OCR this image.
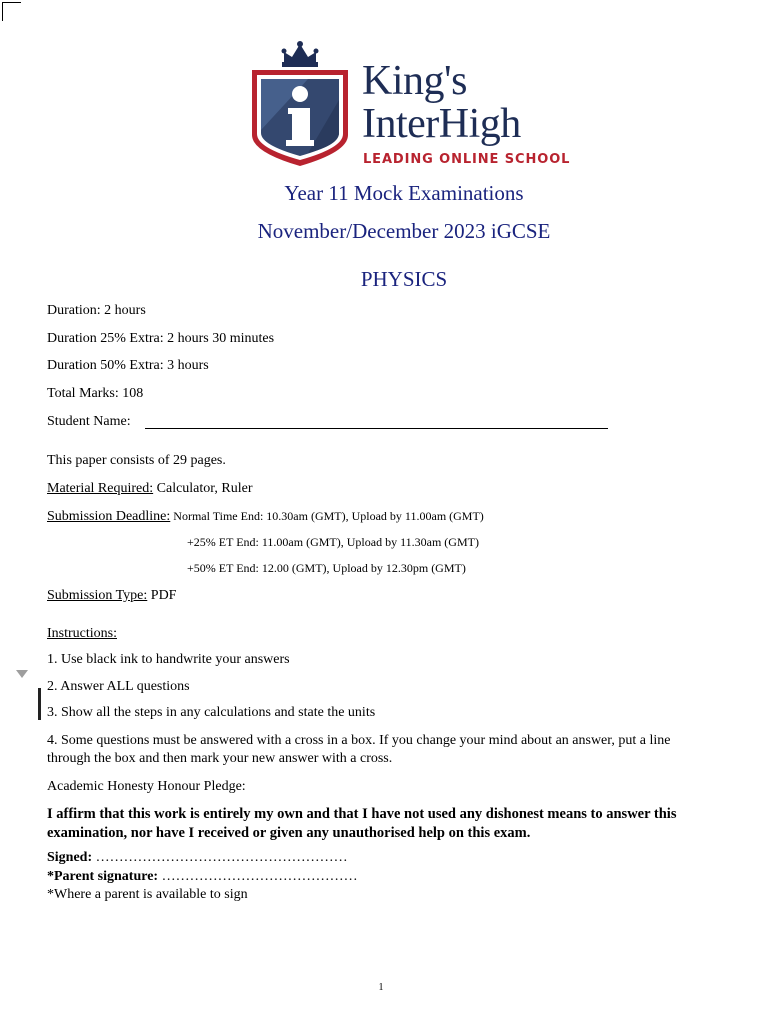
King's
InterHigh
LEADING ONLINE SCHOOL
Year 11 Mock Examinations
November/December 2023 iGCSE
PHYSICS
Duration: 2 hours
Duration 25% Extra: 2 hours 30 minutes
Duration 50% Extra: 3 hours
Total Marks: 108
Student Name:
This paper consists of 29 pages.
Material Required: Calculator, Ruler
Submission Deadline: Normal Time End: 10.30am (GMT), Upload by 11.00am (GMT)
+25% ET End: 11.00am (GMT), Upload by 11.30am (GMT)
+50% ET End: 12.00 (GMT), Upload by 12.30pm (GMT)
Submission Type: PDF
Instructions:
1. Use black ink to handwrite your answers
2. Answer ALL questions
3. Show all the steps in any calculations and state the units
4. Some questions must be answered with a cross in a box. If you change your mind about an answer, put a line
through the box and then mark your new answer with a cross.
Academic Honesty Honour Pledge:
I affirm that this work is entirely my own and that I have not used any dishonest means to answer this
examination, nor have I received or given any unauthorised help on this exam.
Signed: ………………………………………………
*Parent signature: ……………………………………
*Where a parent is available to sign
1
